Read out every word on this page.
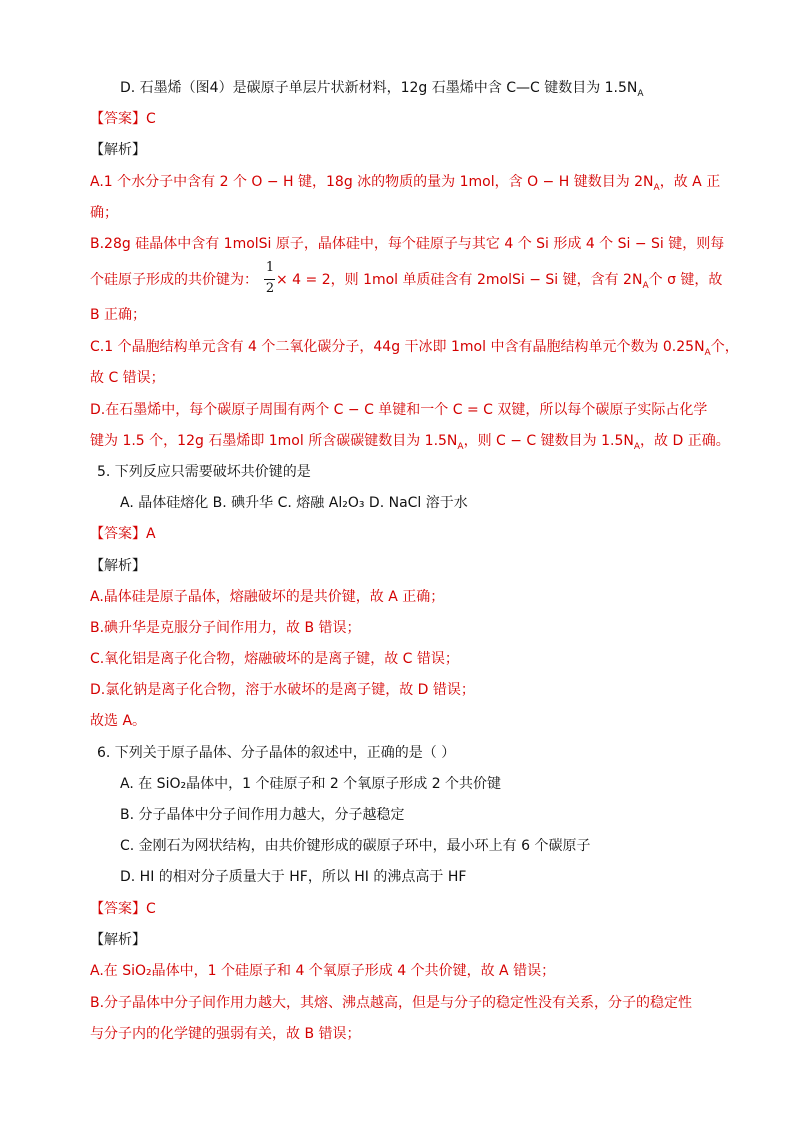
D. 石墨烯（图4）是碳原子单层片状新材料，12g 石墨烯中含 C—C 键数目为 $1.5N_A$
【答案】C
【解析】
A.1 个水分子中含有 2 个 O − H 键，18g 冰的物质的量为 1mol，含 O − H 键数目为 $2N_A$，故 A 正
确；
B.28g 硅晶体中含有 1molSi 原子，晶体硅中，每个硅原子与其它 4 个 Si 形成 4 个 Si − Si 键，则每
个硅原子形成的共价键为： × 4 = 2，则 1mol 单质硅含有 2molSi − Si 键，含有 $2N_A$个 σ 键，故
1
2
B 正确；
C.1 个晶胞结构单元含有 4 个二氧化碳分子，44g 干冰即 1mol 中含有晶胞结构单元个数为 $0.25N_A$个，
故 C 错误；
D.在石墨烯中，每个碳原子周围有两个 C − C 单键和一个 C = C 双键，所以每个碳原子实际占化学
键为 1.5 个，12g 石墨烯即 1mol 所含碳碳键数目为 $1.5N_A$，则 C − C 键数目为 $1.5N_A$，故 D 正确。
5. 下列反应只需要破坏共价键的是
A. 晶体硅熔化 B. 碘升华 C. 熔融 Al₂O₃ D. NaCl 溶于水
【答案】A
【解析】
A.晶体硅是原子晶体，熔融破坏的是共价键，故 A 正确；
B.碘升华是克服分子间作用力，故 B 错误；
C.氧化铝是离子化合物，熔融破坏的是离子键，故 C 错误；
D.氯化钠是离子化合物，溶于水破坏的是离子键，故 D 错误；
故选 A。
6. 下列关于原子晶体、分子晶体的叙述中，正确的是（ ）
A. 在 SiO₂晶体中，1 个硅原子和 2 个氧原子形成 2 个共价键
B. 分子晶体中分子间作用力越大，分子越稳定
C. 金刚石为网状结构，由共价键形成的碳原子环中，最小环上有 6 个碳原子
D. HI 的相对分子质量大于 HF，所以 HI 的沸点高于 HF
【答案】C
【解析】
A.在 SiO₂晶体中，1 个硅原子和 4 个氧原子形成 4 个共价键，故 A 错误；
B.分子晶体中分子间作用力越大，其熔、沸点越高，但是与分子的稳定性没有关系，分子的稳定性
与分子内的化学键的强弱有关，故 B 错误；
